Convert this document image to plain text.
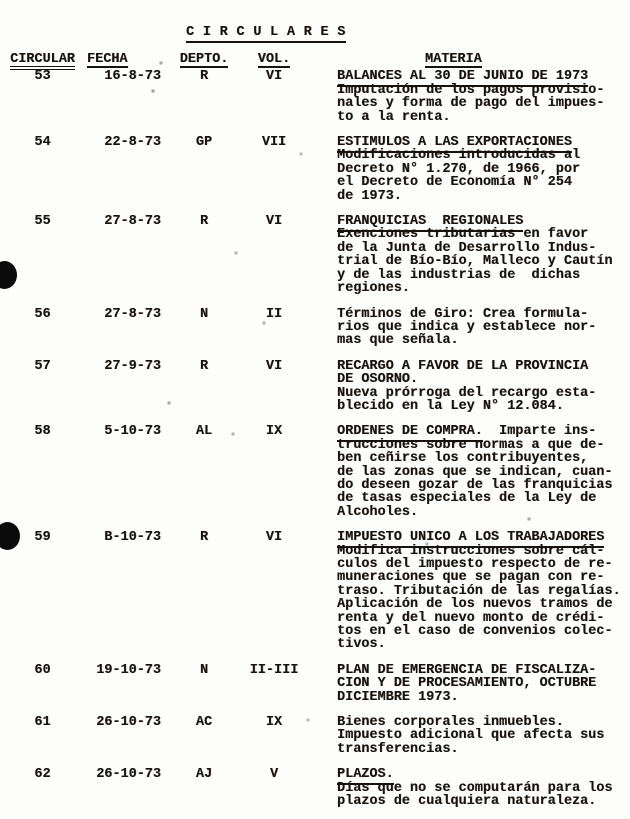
C I R C U L A R E S
CIRCULAR FECHA	DEPTO.	VOL.	MATERIA
53	16-8-73	R	VI	BALANCES AL 30 DE JUNIO DE 1973
Imputación de los pagos provisio-
nales y forma de pago del impues-
to a la renta.
54	22-8-73	GP	VII	ESTIMULOS A LAS EXPORTACIONES
Modificaciones introducidas al
Decreto N° 1.270, de 1966, por
el Decreto de Economía N° 254
de 1973.
55	27-8-73	R	VI	FRANQUICIAS  REGIONALES
Exenciones tributarias en favor
de la Junta de Desarrollo Indus-
trial de Bío-Bío, Malleco y Cautín
y de las industrias de  dichas
regiones.
56	27-8-73	N	II	Términos de Giro: Crea formula-
rios que indica y establece nor-
mas que señala.
57	27-9-73	R	VI	RECARGO A FAVOR DE LA PROVINCIA
DE OSORNO.
Nueva prórroga del recargo esta-
blecido en la Ley N° 12.084.
58	5-10-73	AL	IX	ORDENES DE COMPRA.  Imparte ins-
trucciones sobre normas a que de-
ben ceñirse los contribuyentes,
de las zonas que se indican, cuan-
do deseen gozar de las franquicias
de tasas especiales de la Ley de
Alcoholes.
59	B-10-73	R	VI	IMPUESTO UNICO A LOS TRABAJADORES
Modifica instrucciones sobre cál-
culos del impuesto respecto de re-
muneraciones que se pagan con re-
traso. Tributación de las regalías.
Aplicación de los nuevos tramos de
renta y del nuevo monto de crédi-
tos en el caso de convenios colec-
tivos.
60	19-10-73	N	II-III	PLAN DE EMERGENCIA DE FISCALIZA-
CION Y DE PROCESAMIENTO, OCTUBRE
DICIEMBRE 1973.
61	26-10-73	AC	IX	Bienes corporales inmuebles.
Impuesto adicional que afecta sus
transferencias.
62	26-10-73	AJ	V	PLAZOS.
Días que no se computarán para los
plazos de cualquiera naturaleza.
